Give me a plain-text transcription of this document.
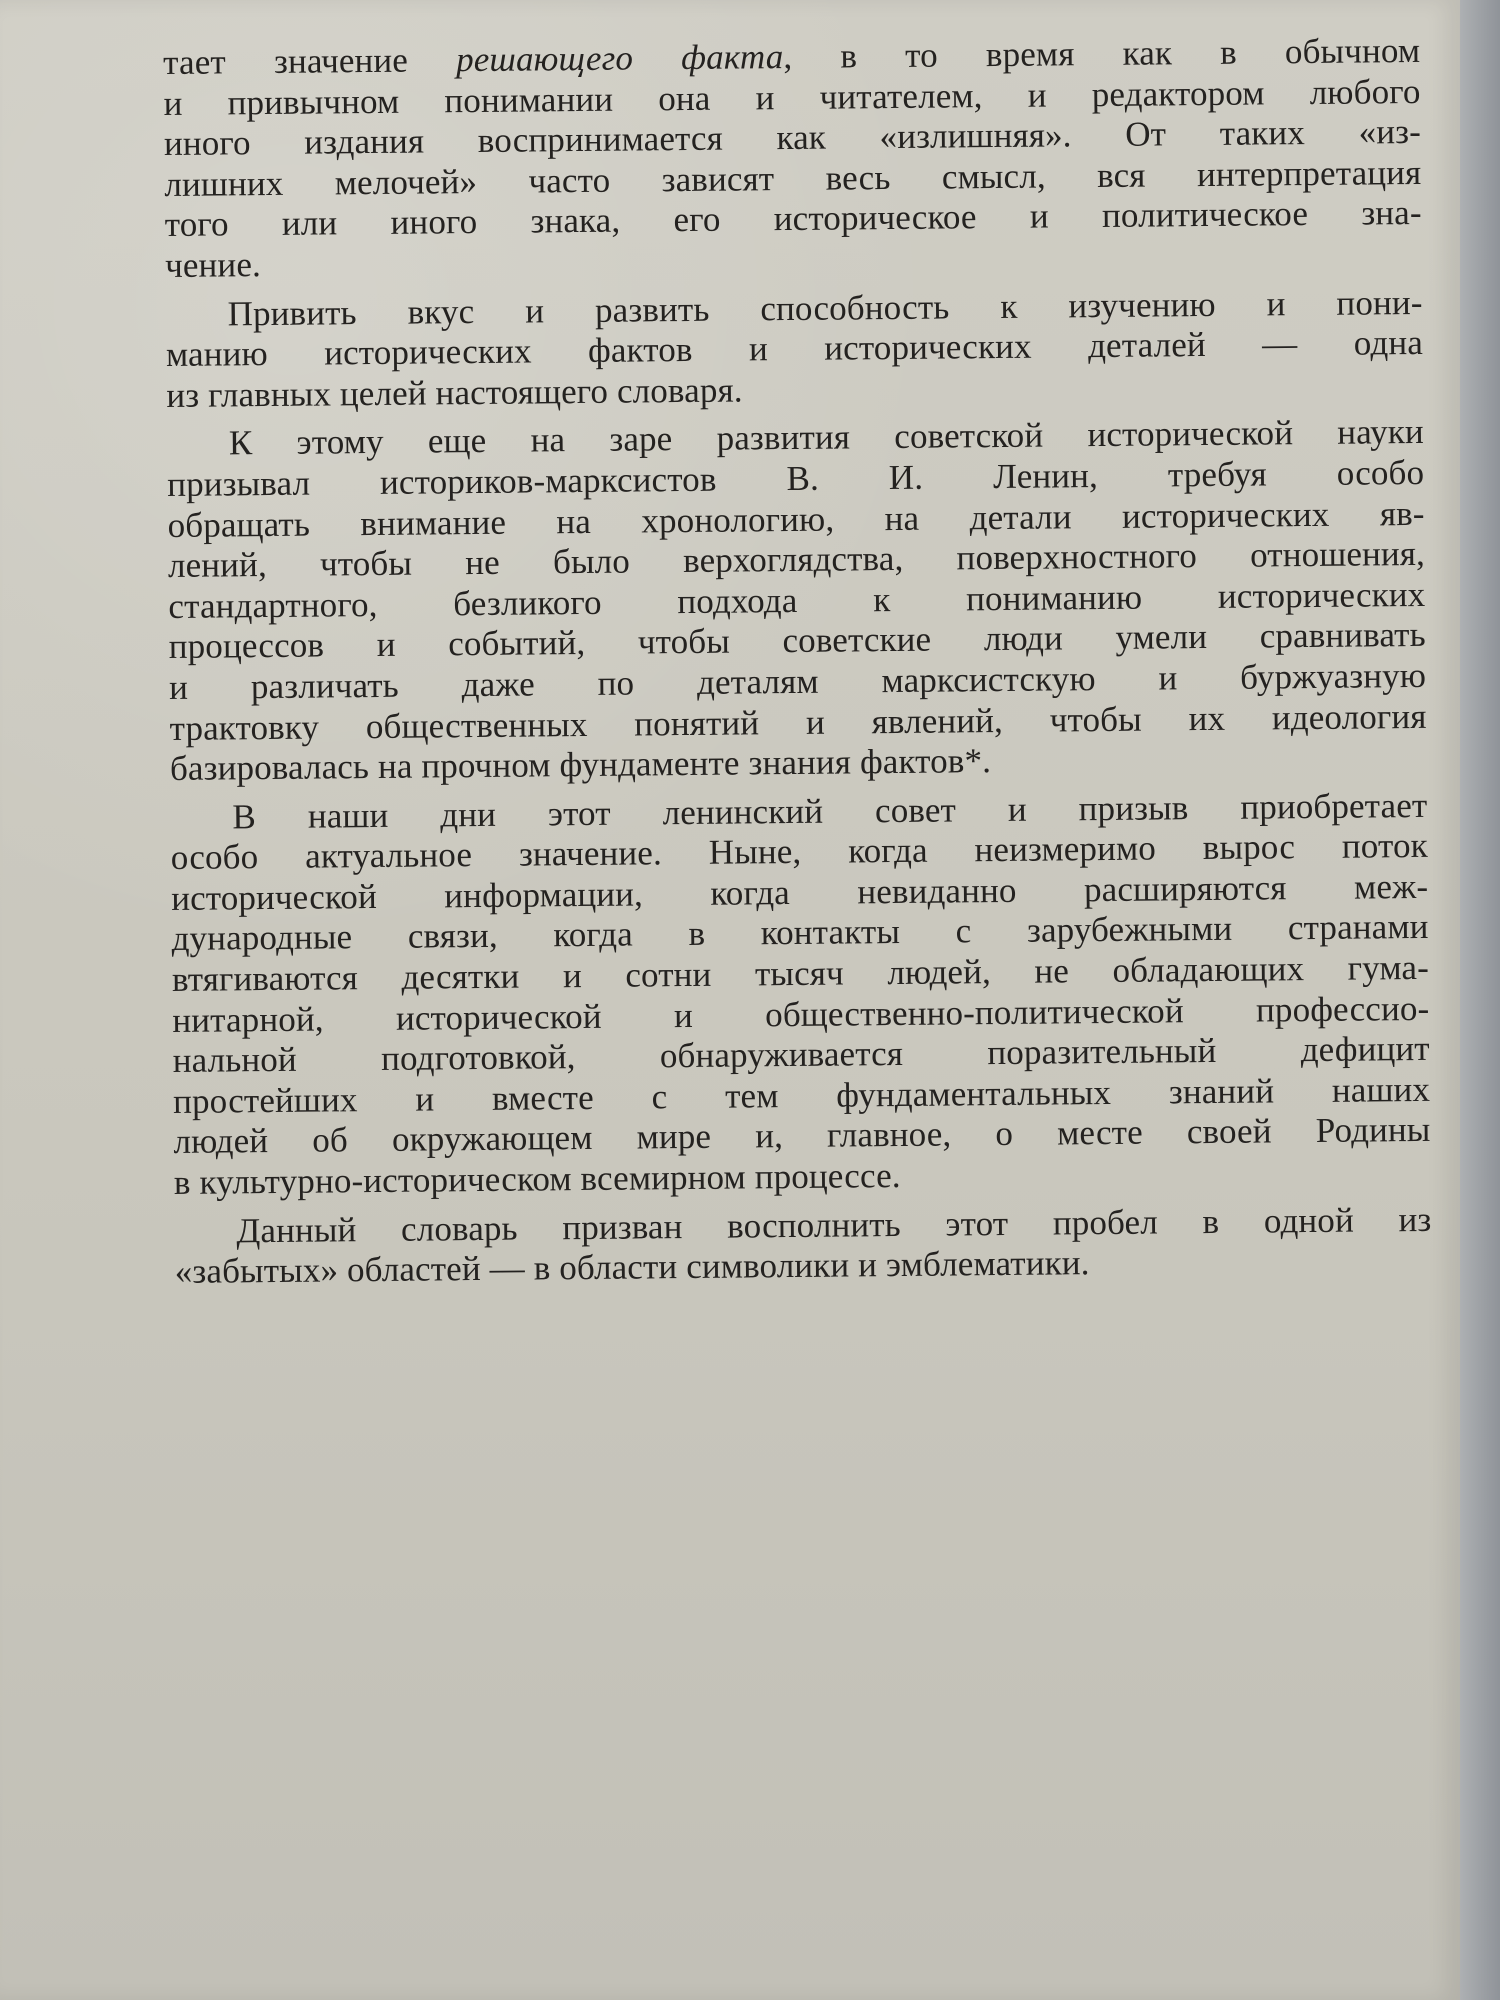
тает значение решающего факта, в то время как в обычном
и привычном понимании она и читателем, и редактором любого
иного издания воспринимается как «излишняя». От таких «из-
лишних мелочей» часто зависят весь смысл, вся интерпретация
того или иного знака, его историческое и политическое зна-
чение.
Привить вкус и развить способность к изучению и пони-
манию исторических фактов и исторических деталей — одна
из главных целей настоящего словаря.
К этому еще на заре развития советской исторической науки
призывал историков-марксистов В. И. Ленин, требуя особо
обращать внимание на хронологию, на детали исторических яв-
лений, чтобы не было верхоглядства, поверхностного отношения,
стандартного, безликого подхода к пониманию исторических
процессов и событий, чтобы советские люди умели сравнивать
и различать даже по деталям марксистскую и буржуазную
трактовку общественных понятий и явлений, чтобы их идеология
базировалась на прочном фундаменте знания фактов*.
В наши дни этот ленинский совет и призыв приобретает
особо актуальное значение. Ныне, когда неизмеримо вырос поток
исторической информации, когда невиданно расширяются меж-
дународные связи, когда в контакты с зарубежными странами
втягиваются десятки и сотни тысяч людей, не обладающих гума-
нитарной, исторической и общественно-политической профессио-
нальной подготовкой, обнаруживается поразительный дефицит
простейших и вместе с тем фундаментальных знаний наших
людей об окружающем мире и, главное, о месте своей Родины
в культурно-историческом всемирном процессе.
Данный словарь призван восполнить этот пробел в одной из
«забытых» областей — в области символики и эмблематики.
